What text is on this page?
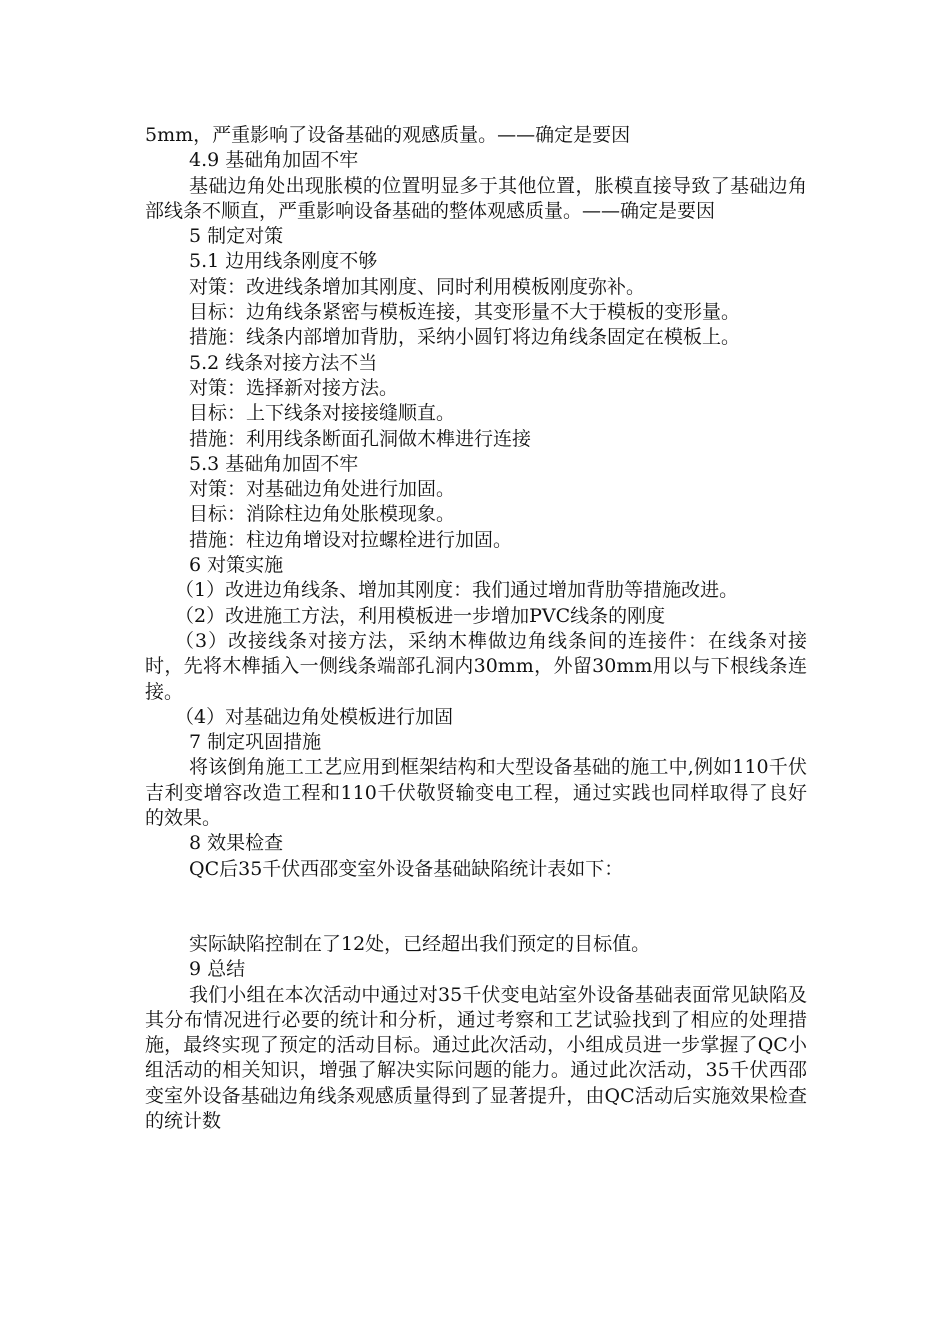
5mm，严重影响了设备基础的观感质量。——确定是要因

4.9 基础角加固不牢

基础边角处出现胀模的位置明显多于其他位置，胀模直接导致了基础边角部线条不顺直，严重影响设备基础的整体观感质量。——确定是要因

5 制定对策

5.1 边用线条刚度不够

对策：改进线条增加其刚度、同时利用模板刚度弥补。

目标：边角线条紧密与模板连接，其变形量不大于模板的变形量。

措施：线条内部增加背肋，采纳小圆钉将边角线条固定在模板上。

5.2 线条对接方法不当

对策：选择新对接方法。

目标：上下线条对接接缝顺直。

措施：利用线条断面孔洞做木榫进行连接

5.3 基础角加固不牢

对策：对基础边角处进行加固。

目标：消除柱边角处胀模现象。

措施：柱边角增设对拉螺栓进行加固。

6 对策实施

（1）改进边角线条、增加其刚度：我们通过增加背肋等措施改进。

（2）改进施工方法，利用模板进一步增加PVC线条的刚度

（3）改接线条对接方法，采纳木榫做边角线条间的连接件：在线条对接时，先将木榫插入一侧线条端部孔洞内30mm，外留30mm用以与下根线条连接。

（4）对基础边角处模板进行加固

7 制定巩固措施

将该倒角施工工艺应用到框架结构和大型设备基础的施工中,例如110千伏吉利变增容改造工程和110千伏敬贤输变电工程，通过实践也同样取得了良好的效果。

8 效果检查

QC后35千伏西邵变室外设备基础缺陷统计表如下：

实际缺陷控制在了12处，已经超出我们预定的目标值。

9 总结

我们小组在本次活动中通过对35千伏变电站室外设备基础表面常见缺陷及其分布情况进行必要的统计和分析，通过考察和工艺试验找到了相应的处理措施，最终实现了预定的活动目标。通过此次活动，小组成员进一步掌握了QC小组活动的相关知识，增强了解决实际问题的能力。通过此次活动，35千伏西邵变室外设备基础边角线条观感质量得到了显著提升，由QC活动后实施效果检查的统计数
